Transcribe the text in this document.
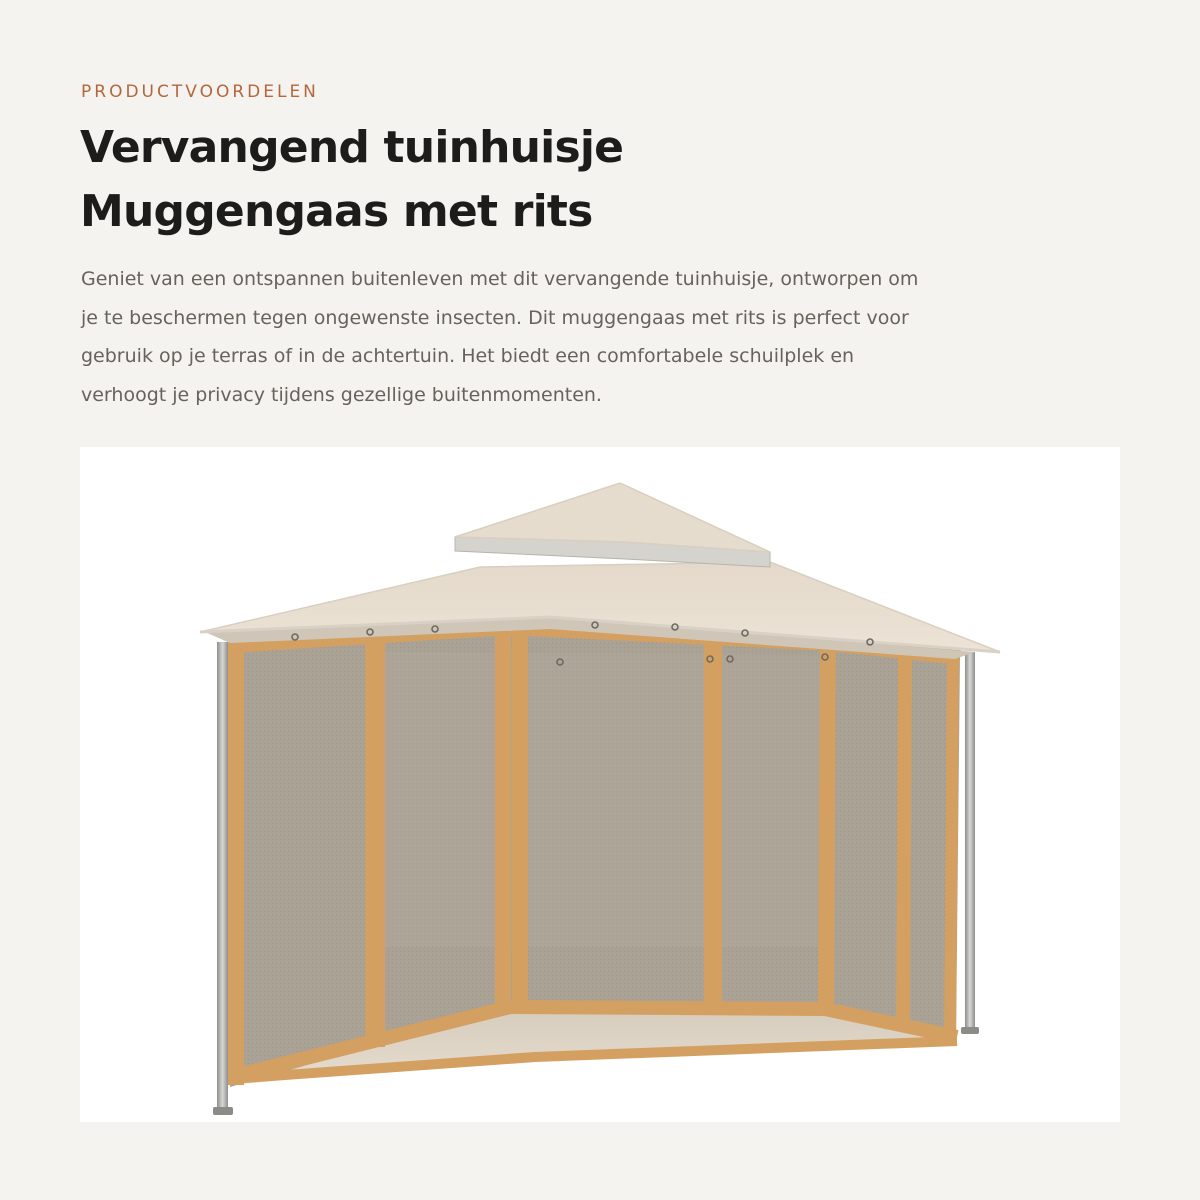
PRODUCTVOORDELEN

Vervangend tuinhuisje
Muggengaas met rits

Geniet van een ontspannen buitenleven met dit vervangende tuinhuisje, ontworpen om
je te beschermen tegen ongewenste insecten. Dit muggengaas met rits is perfect voor
gebruik op je terras of in de achtertuin. Het biedt een comfortabele schuilplek en
verhoogt je privacy tijdens gezellige buitenmomenten.
